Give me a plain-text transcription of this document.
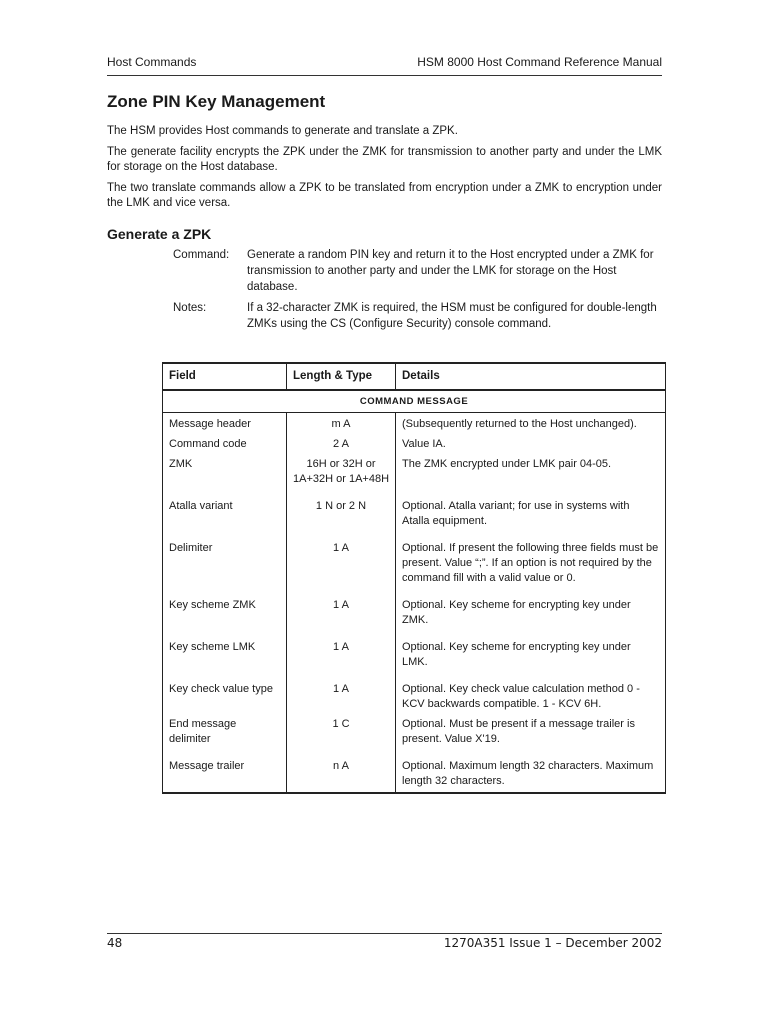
Host Commands	HSM 8000 Host Command Reference Manual
Zone PIN Key Management

The HSM provides Host commands to generate and translate a ZPK.

The generate facility encrypts the ZPK under the ZMK for transmission to another party and under the LMK for storage on the Host database.

The two translate commands allow a ZPK to be translated from encryption under a ZMK to encryption under the LMK and vice versa.

Generate a ZPK
Command:	Generate a random PIN key and return it to the Host encrypted under a ZMK for transmission to another party and under the LMK for storage on the Host database.
Notes:	If a 32-character ZMK is required, the HSM must be configured for double-length ZMKs using the CS (Configure Security) console command.
Field	Length & Type	Details
COMMAND MESSAGE		
Message header	m A	(Subsequently returned to the Host unchanged).
Command code	2 A	Value IA.
ZMK	16H or 32H or 1A+32H or 1A+48H	The ZMK encrypted under LMK pair 04-05.
Atalla variant	1 N or 2 N	Optional. Atalla variant; for use in systems with Atalla equipment.
Delimiter	1 A	Optional. If present the following three fields must be present. Value “;”. If an option is not required by the command fill with a valid value or 0.
Key scheme ZMK	1 A	Optional. Key scheme for encrypting key under ZMK.
Key scheme LMK	1 A	Optional. Key scheme for encrypting key under LMK.
Key check value type	1 A	Optional. Key check value calculation method 0 - KCV backwards compatible. 1 - KCV 6H.
End message delimiter	1 C	Optional. Must be present if a message trailer is present. Value X'19.
Message trailer	n A	Optional. Maximum length 32 characters. Maximum length 32 characters.
48	1270A351 Issue 1 – December 2002
